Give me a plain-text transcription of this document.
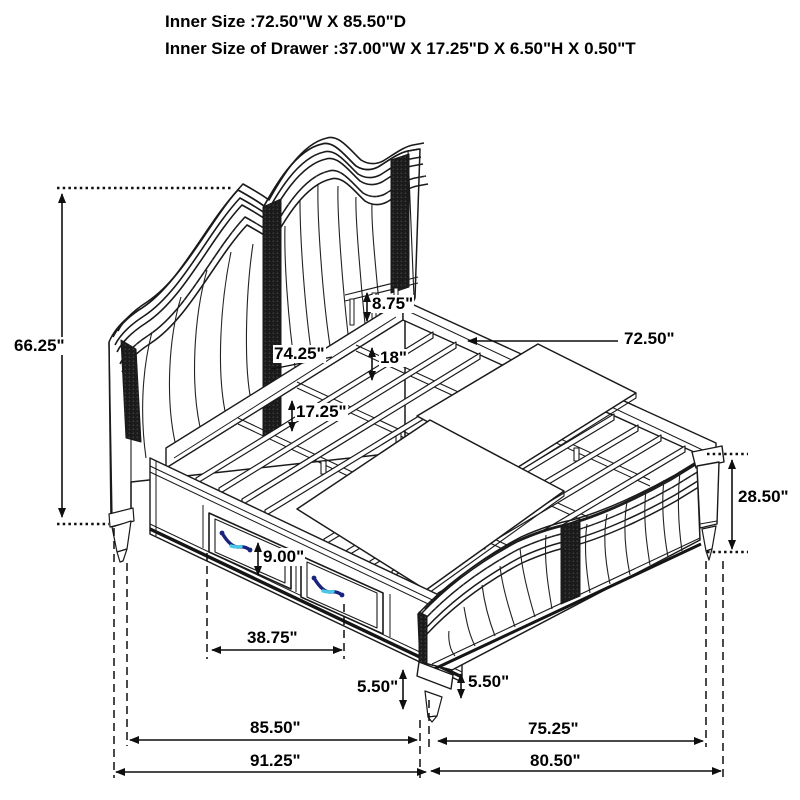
Inner Size :72.50"W X 85.50"D
Inner Size of Drawer :37.00"W X 17.25"D X 6.50"H X 0.50"T
66.25"
8.75"
74.25"	18"
17.25"
72.50"
28.50"
9.00"
38.75"
5.50"	5.50"
85.50"	75.25"
91.25"	80.50"
